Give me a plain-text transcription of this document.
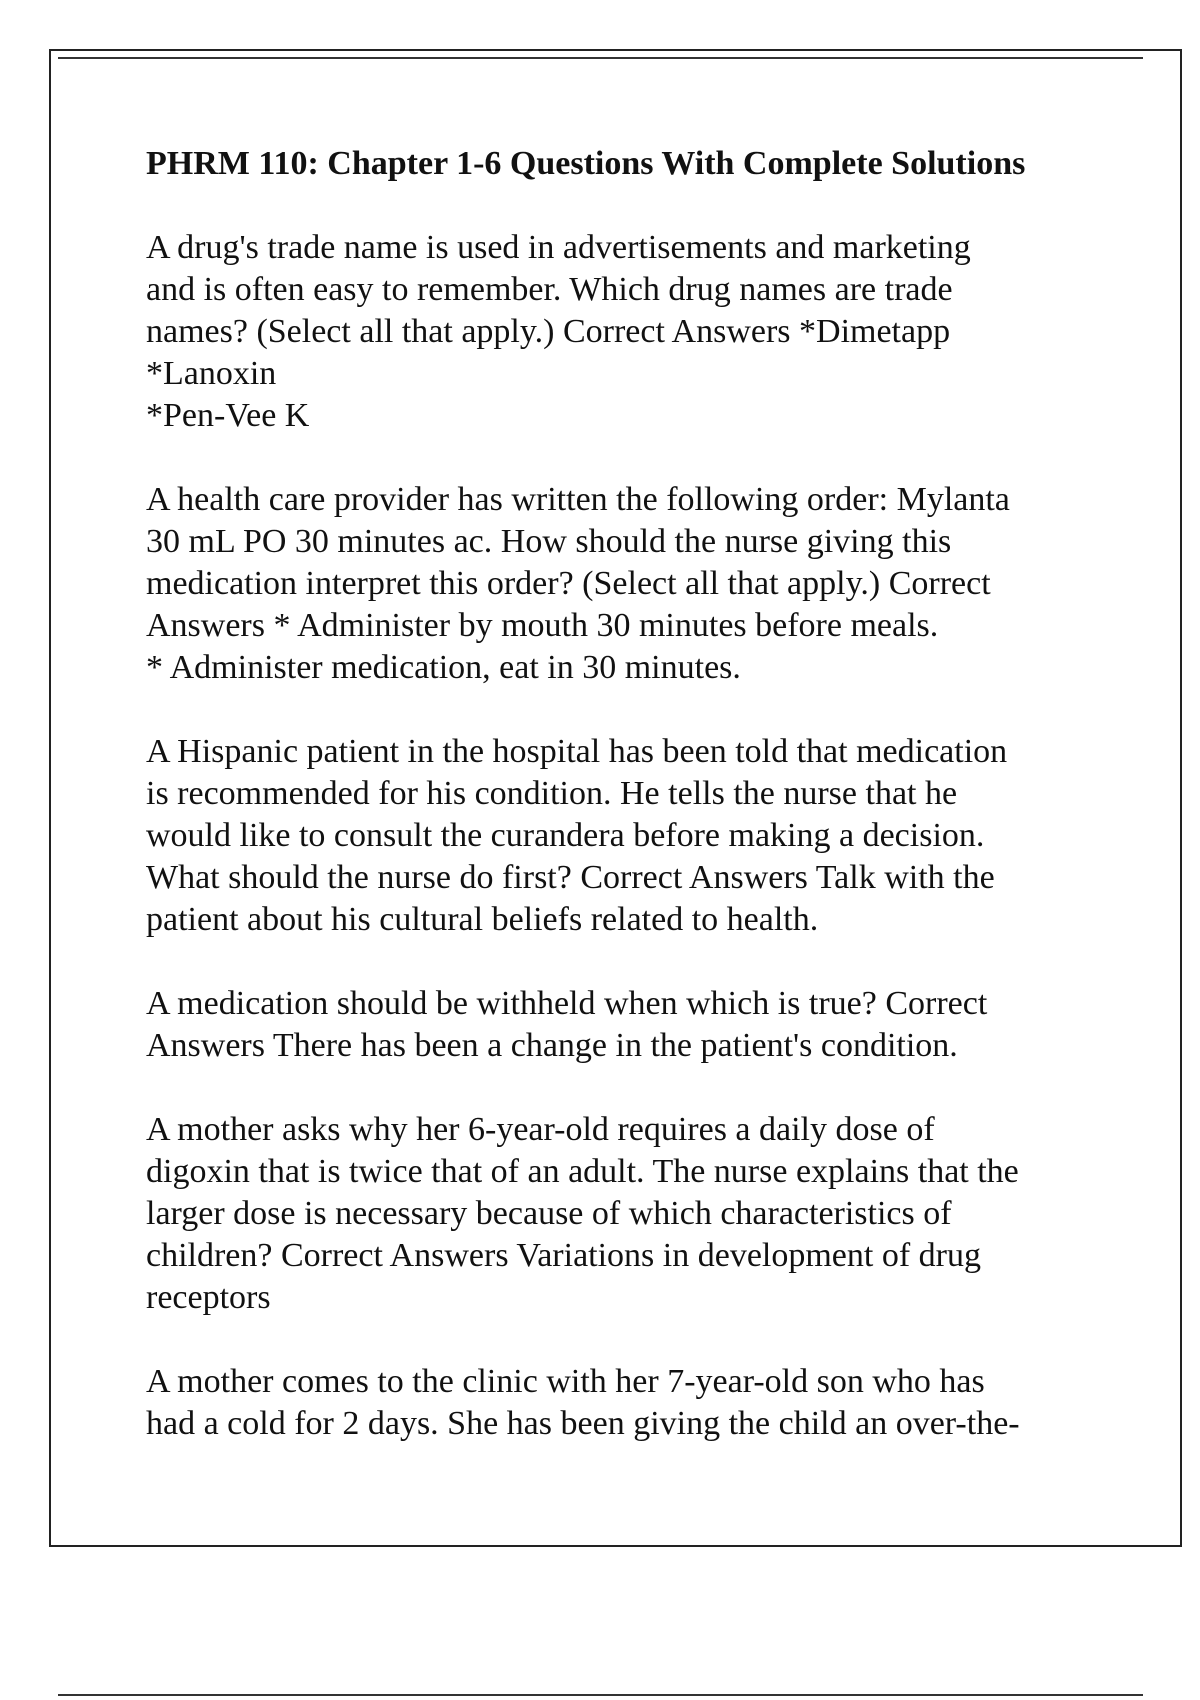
PHRM 110: Chapter 1-6 Questions With Complete Solutions
A drug's trade name is used in advertisements and marketing
and is often easy to remember. Which drug names are trade
names? (Select all that apply.) Correct Answers *Dimetapp
*Lanoxin
*Pen-Vee K
A health care provider has written the following order: Mylanta
30 mL PO 30 minutes ac. How should the nurse giving this
medication interpret this order? (Select all that apply.) Correct
Answers * Administer by mouth 30 minutes before meals.
* Administer medication, eat in 30 minutes.
A Hispanic patient in the hospital has been told that medication
is recommended for his condition. He tells the nurse that he
would like to consult the curandera before making a decision.
What should the nurse do first? Correct Answers Talk with the
patient about his cultural beliefs related to health.
A medication should be withheld when which is true? Correct
Answers There has been a change in the patient's condition.
A mother asks why her 6-year-old requires a daily dose of
digoxin that is twice that of an adult. The nurse explains that the
larger dose is necessary because of which characteristics of
children? Correct Answers Variations in development of drug
receptors
A mother comes to the clinic with her 7-year-old son who has
had a cold for 2 days. She has been giving the child an over-the-
